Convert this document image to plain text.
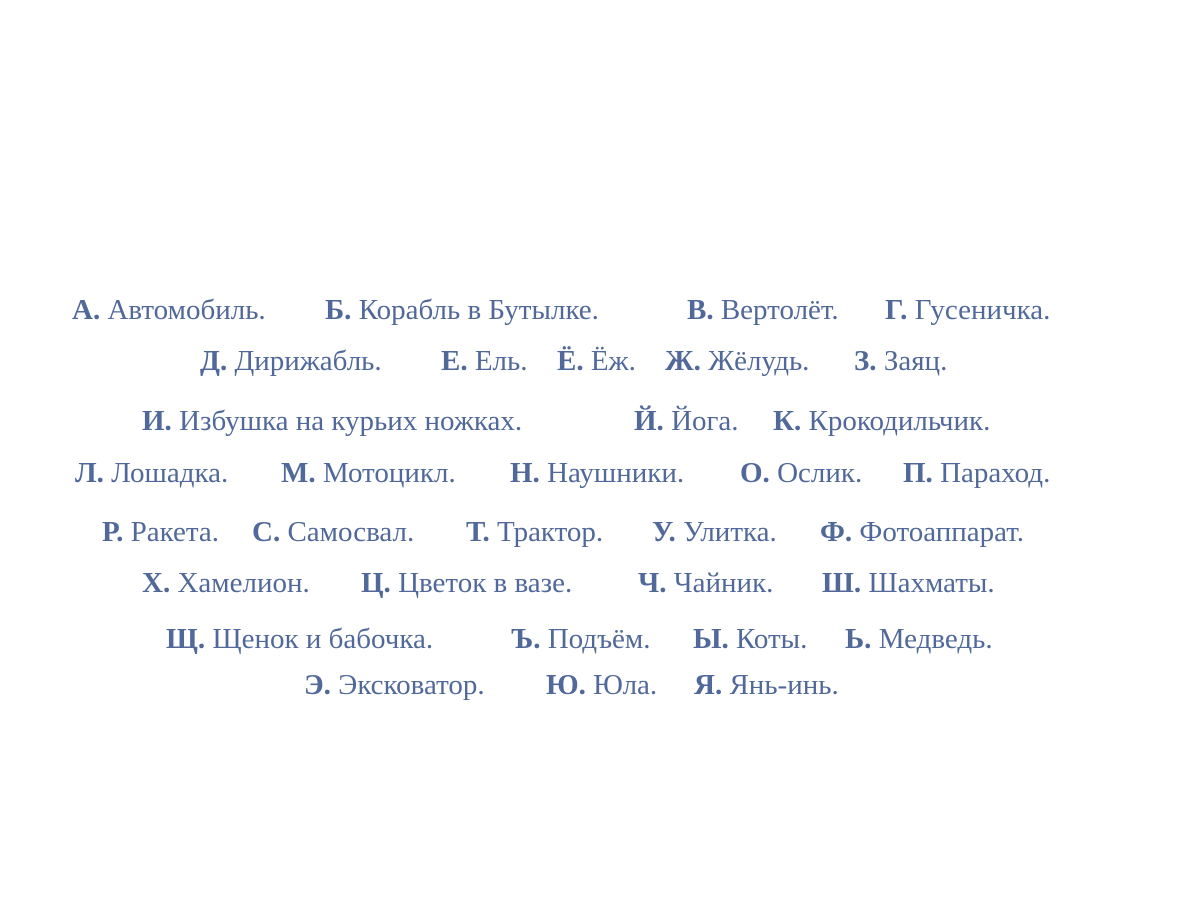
А. Автомобиль. Б. Корабль в Бутылке.	В. Вертолёт. Г. Гусеничка.
Д. Дирижабль. Е. Ель. Ё. Ёж. Ж. Жёлудь. З. Заяц.
И. Избушка на курьих ножках.	Й. Йога. К. Крокодильчик.
Л. Лошадка. М. Мотоцикл. Н. Наушники. О. Ослик. П. Параход.
Р. Ракета. С. Самосвал. Т. Трактор. У. Улитка. Ф. Фотоаппарат.
Х. Хамелион. Ц. Цветок в вазе. Ч. Чайник. Ш. Шахматы.
Щ. Щенок и бабочка.	Ъ. Подъём. Ы. Коты. Ь. Медведь.
Э. Эксковатор. Ю. Юла. Я. Янь-инь.
